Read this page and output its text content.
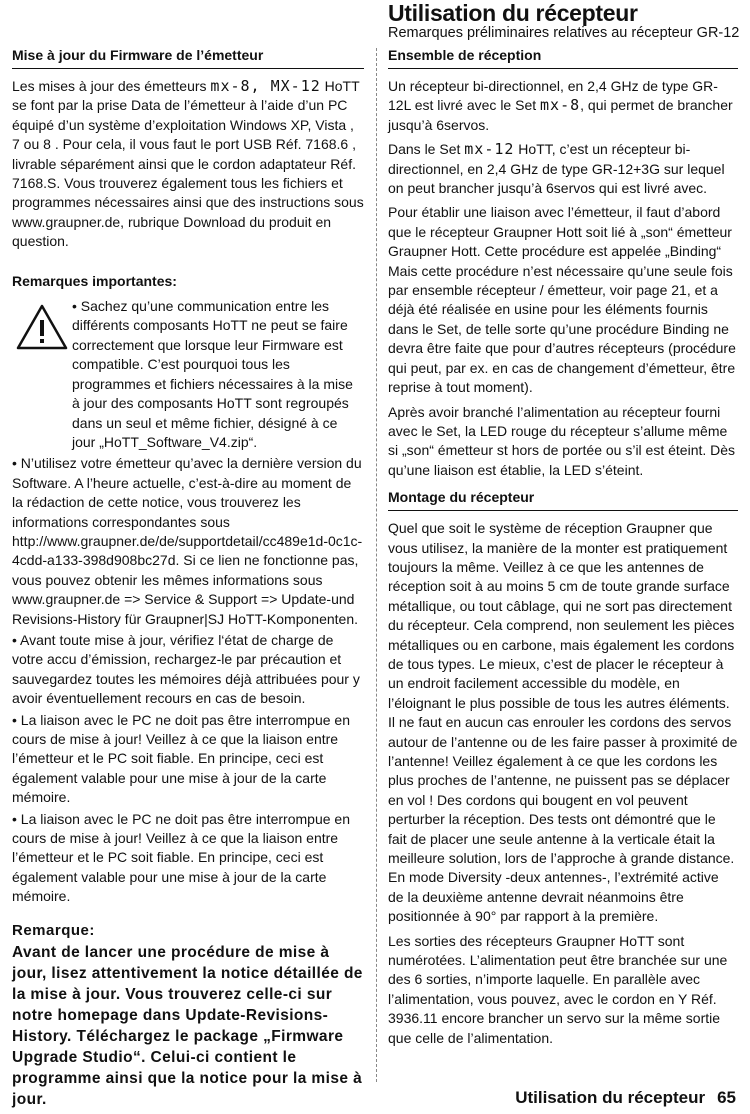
Utilisation du récepteur
Remarques préliminaires relatives au récepteur GR-12
Mise à jour du Firmware de l’émetteur

Les mises à jour des émetteurs mx-8, MX-12 HoTT se font par la prise Data de l’émetteur à l’aide d’un PC équipé d’un système d’exploitation Windows XP, Vista , 7 ou 8 . Pour cela, il vous faut le port USB Réf. 7168.6 , livrable séparément ainsi que le cordon adaptateur Réf. 7168.S. Vous trouverez également tous les fichiers et programmes nécessaires ainsi que des instructions sous www.graupner.de, rubrique Download du produit en question.

Remarques importantes:

• Sachez qu’une communication entre les différents composants HoTT ne peut se faire correctement que lorsque leur Firmware est compatible. C’est pourquoi tous les programmes et fichiers nécessaires à la mise à jour des composants HoTT sont regroupés dans un seul et même fichier, désigné à ce jour „HoTT_Software_V4.zip“.

• N’utilisez votre émetteur qu’avec la dernière version du Software. A l’heure actuelle, c’est-à-dire au moment de la rédaction de cette notice, vous trouverez les informations correspondantes sous http://www.graupner.de/de/supportdetail/cc489e1d-0c1c-4cdd-a133-398d908bc27d. Si ce lien ne fonctionne pas, vous pouvez obtenir les mêmes informations sous www.graupner.de => Service & Support => Update-und Revisions-History für Graupner|SJ HoTT-Komponenten.

• Avant toute mise à jour, vérifiez l‘état de charge de votre accu d’émission, rechargez-le par précaution et sauvegardez toutes les mémoires déjà attribuées pour y avoir éventuellement recours en cas de besoin.

• La liaison avec le PC ne doit pas être interrompue en cours de mise à jour! Veillez à ce que la liaison entre l’émetteur et le PC soit fiable. En principe, ceci est également valable pour une mise à jour de la carte mémoire.

• La liaison avec le PC ne doit pas être interrompue en cours de mise à jour! Veillez à ce que la liaison entre l’émetteur et le PC soit fiable. En principe, ceci est également valable pour une mise à jour de la carte mémoire.

Remarque:
Avant de lancer une procédure de mise à jour, lisez attentivement la notice détaillée de la mise à jour. Vous trouverez celle-ci sur notre homepage dans Update-Revisions-History. Téléchargez le package „Firmware Upgrade Studio“. Celui-ci contient le programme ainsi que la notice pour la mise à jour.
Ensemble de réception

Un récepteur bi-directionnel, en 2,4 GHz de type GR-12L est livré avec le Set mx-8, qui permet de brancher jusqu’à 6servos.

Dans le Set mx-12 HoTT, c’est un récepteur bi-directionnel, en 2,4 GHz de type GR-12+3G sur lequel on peut brancher jusqu’à 6servos qui est livré avec.

Pour établir une liaison avec l’émetteur, il faut d’abord que le récepteur Graupner Hott soit lié à „son“ émetteur Graupner Hott. Cette procédure est appelée „Binding“ Mais cette procédure n’est nécessaire qu’une seule fois par ensemble récepteur / émetteur, voir page 21, et a déjà été réalisée en usine pour les éléments fournis dans le Set, de telle sorte qu’une procédure Binding ne devra être faite que pour d’autres récepteurs (procédure qui peut, par ex. en cas de changement d’émetteur, être reprise à tout moment).

Après avoir branché l’alimentation au récepteur fourni avec le Set, la LED rouge du récepteur s’allume même si „son“ émetteur st hors de portée ou s’il est éteint. Dès qu’une liaison est établie, la LED s’éteint.

Montage du récepteur

Quel que soit le système de réception Graupner que vous utilisez, la manière de la monter est pratiquement toujours la même. Veillez à ce que les antennes de réception soit à au moins 5 cm de toute grande surface métallique, ou tout câblage, qui ne sort pas directement du récepteur. Cela comprend, non seulement les pièces métalliques ou en carbone, mais également les cordons de tous types. Le mieux, c’est de placer le récepteur à un endroit facilement accessible du modèle, en l’éloignant le plus possible de tous les autres éléments. Il ne faut en aucun cas enrouler les cordons des servos autour de l’antenne ou de les faire passer à proximité de l’antenne! Veillez également à ce que les cordons les plus proches de l’antenne, ne puissent pas se déplacer en vol ! Des cordons qui bougent en vol peuvent perturber la réception. Des tests ont démontré que le fait de placer une seule antenne à la verticale était la meilleure solution, lors de l’approche à grande distance. En mode Diversity -deux antennes-, l’extrémité active de la deuxième antenne devrait néanmoins être positionnée à 90° par rapport à la première.

Les sorties des récepteurs Graupner HoTT sont numérotées. L’alimentation peut être branchée sur une des 6 sorties, n’importe laquelle. En parallèle avec l’alimentation, vous pouvez, avec le cordon en Y Réf. 3936.11 encore brancher un servo sur la même sortie que celle de l’alimentation.

Utilisation du récepteur 65
